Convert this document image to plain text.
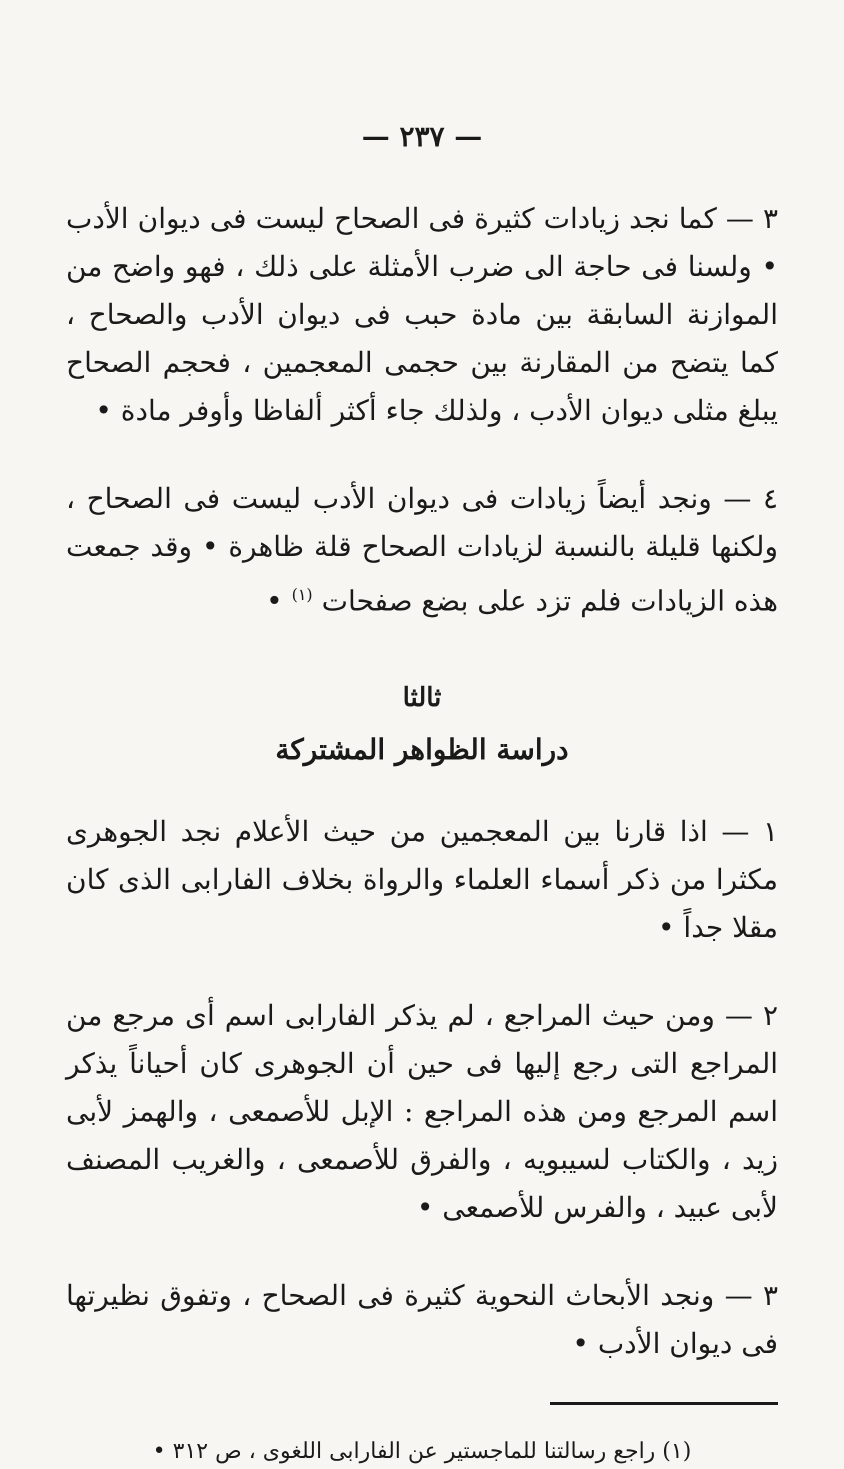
— ٢٣٧ —

٣ — كما نجد زيادات كثيرة فى الصحاح ليست فى ديوان الأدب • ولسنا فى حاجة الى ضرب الأمثلة على ذلك ، فهو واضح من الموازنة السابقة بين مادة حبب فى ديوان الأدب والصحاح ، كما يتضح من المقارنة بين حجمى المعجمين ، فحجم الصحاح يبلغ مثلى ديوان الأدب ، ولذلك جاء أكثر ألفاظا وأوفر مادة •

٤ — ونجد أيضاً زيادات فى ديوان الأدب ليست فى الصحاح ، ولكنها قليلة بالنسبة لزيادات الصحاح قلة ظاهرة • وقد جمعت هذه الزيادات فلم تزد على بضع صفحات $^{(١)}$ •

ثالثا
دراسة الظواهر المشتركة

١ — اذا قارنا بين المعجمين من حيث الأعلام نجد الجوهرى مكثرا من ذكر أسماء العلماء والرواة بخلاف الفارابى الذى كان مقلا جداً •

٢ — ومن حيث المراجع ، لم يذكر الفارابى اسم أى مرجع من المراجع التى رجع إليها فى حين أن الجوهرى كان أحياناً يذكر اسم المرجع ومن هذه المراجع : الإبل للأصمعى ، والهمز لأبى زيد ، والكتاب لسيبويه ، والفرق للأصمعى ، والغريب المصنف لأبى عبيد ، والفرس للأصمعى •

٣ — ونجد الأبحاث النحوية كثيرة فى الصحاح ، وتفوق نظيرتها فى ديوان الأدب •

(١) راجع رسالتنا للماجستير عن الفارابى اللغوى ، ص ٣١٢ •
